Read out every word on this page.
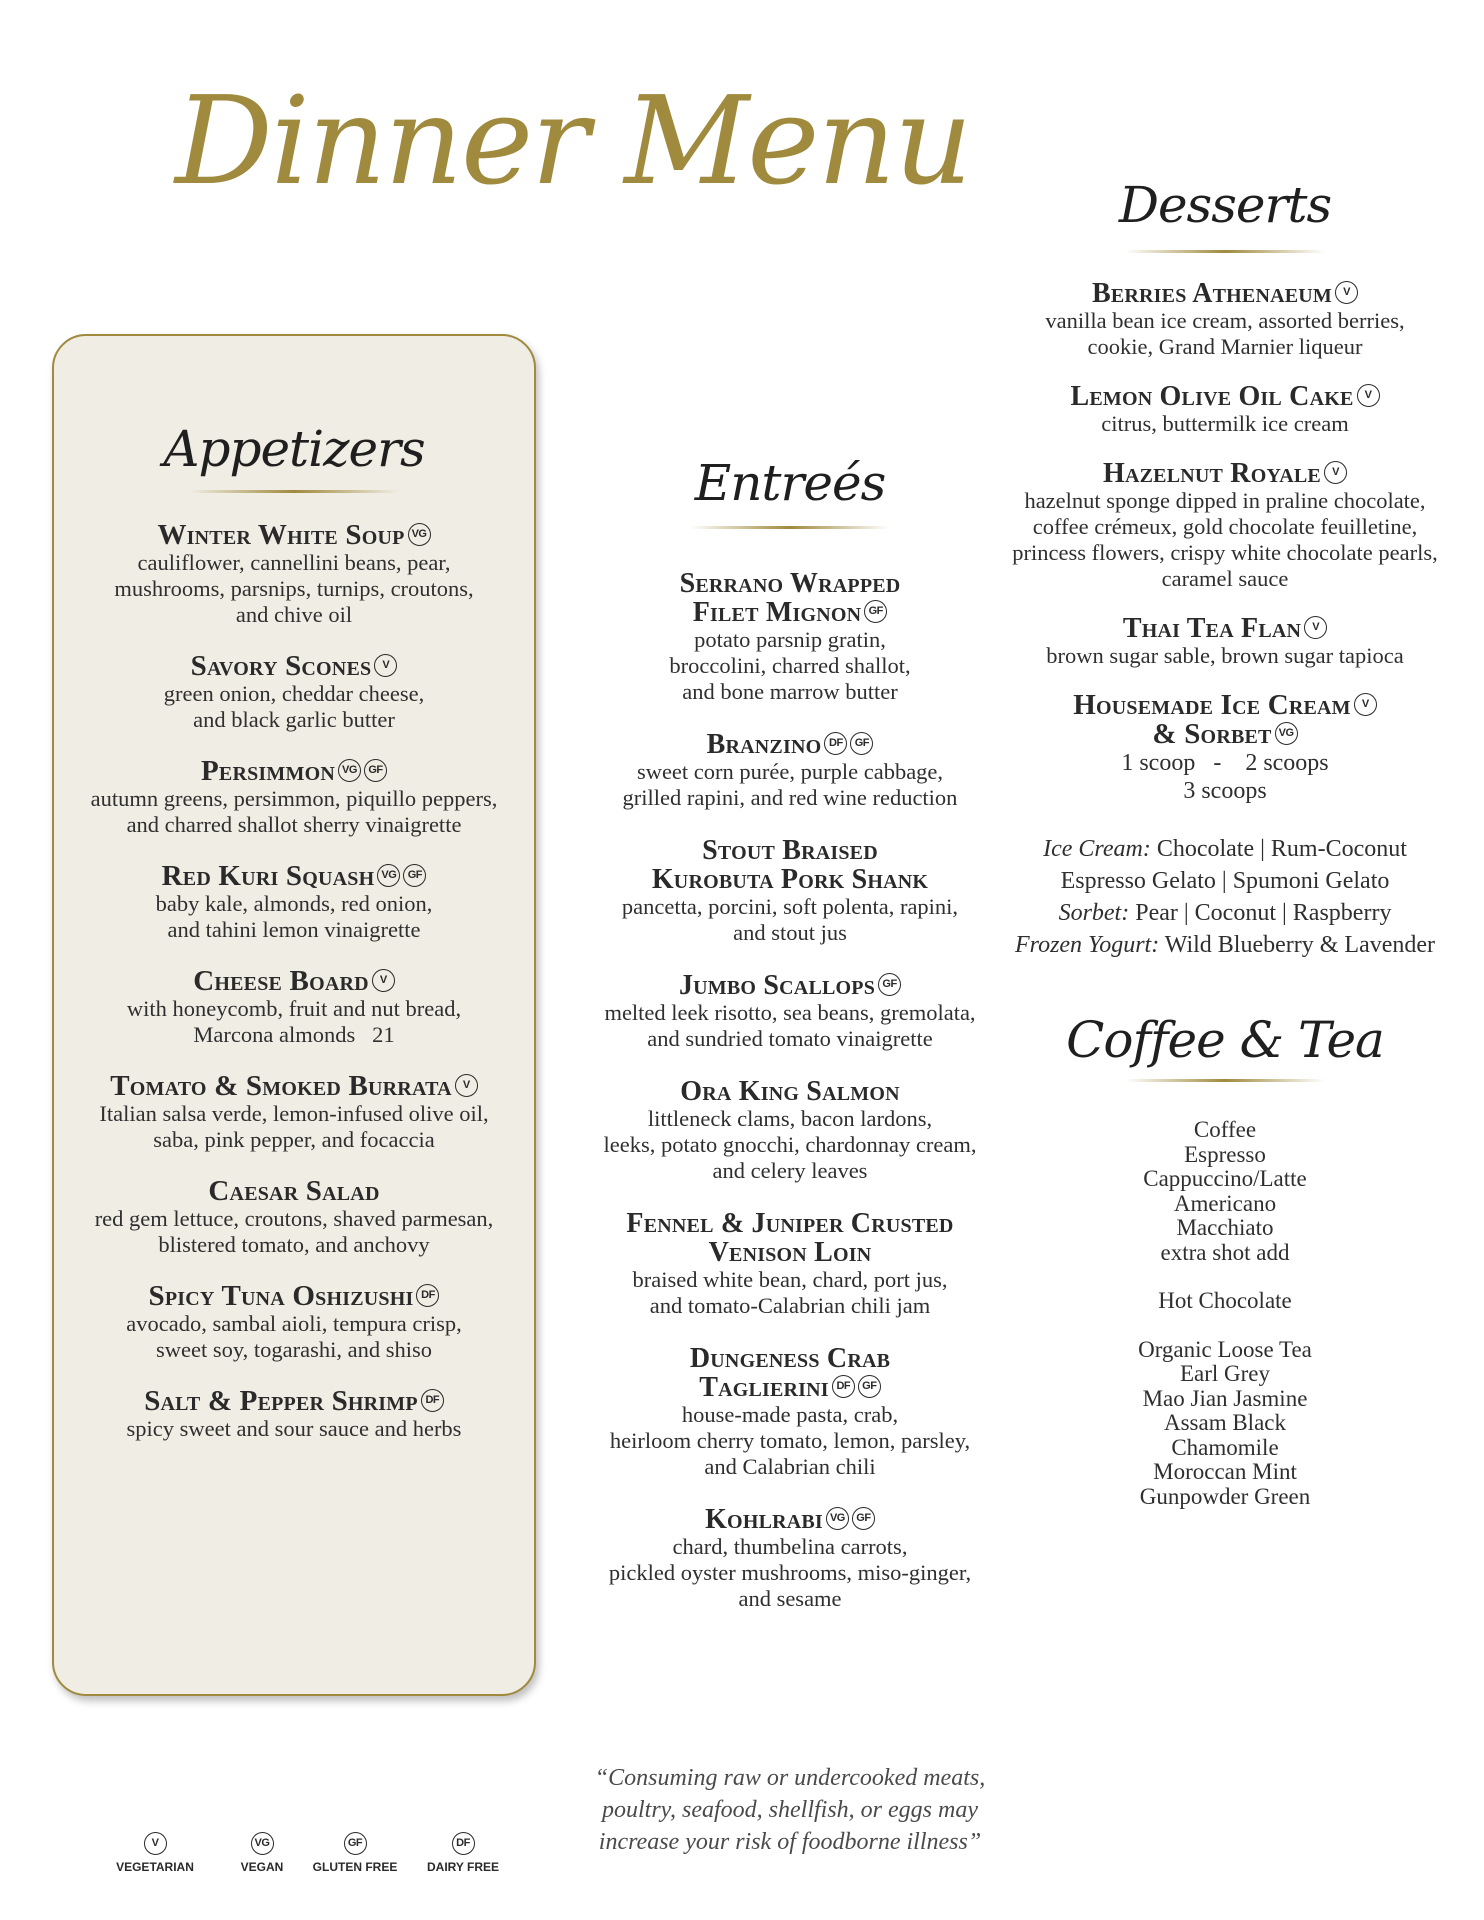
Dinner Menu
Appetizers
Winter White Soup VG
cauliflower, cannellini beans, pear,
mushrooms, parsnips, turnips, croutons,
and chive oil
Savory Scones V
green onion, cheddar cheese,
and black garlic butter
Persimmon VG GF
autumn greens, persimmon, piquillo peppers,
and charred shallot sherry vinaigrette
Red Kuri Squash VG GF
baby kale, almonds, red onion,
and tahini lemon vinaigrette
Cheese Board V
with honeycomb, fruit and nut bread,
Marcona almonds   21
Tomato & Smoked Burrata V
Italian salsa verde, lemon-infused olive oil,
saba, pink pepper, and focaccia
Caesar Salad
red gem lettuce, croutons, shaved parmesan,
blistered tomato, and anchovy
Spicy Tuna Oshizushi DF
avocado, sambal aioli, tempura crisp,
sweet soy, togarashi, and shiso
Salt & Pepper Shrimp DF
spicy sweet and sour sauce and herbs
Entreés
Serrano Wrapped
Filet Mignon GF
potato parsnip gratin,
broccolini, charred shallot,
and bone marrow butter
Branzino DF GF
sweet corn purée, purple cabbage,
grilled rapini, and red wine reduction
Stout Braised
Kurobuta Pork Shank
pancetta, porcini, soft polenta, rapini,
and stout jus
Jumbo Scallops GF
melted leek risotto, sea beans, gremolata,
and sundried tomato vinaigrette
Ora King Salmon
littleneck clams, bacon lardons,
leeks, potato gnocchi, chardonnay cream,
and celery leaves
Fennel & Juniper Crusted
Venison Loin
braised white bean, chard, port jus,
and tomato-Calabrian chili jam
Dungeness Crab
Taglierini DF GF
house-made pasta, crab,
heirloom cherry tomato, lemon, parsley,
and Calabrian chili
Kohlrabi VG GF
chard, thumbelina carrots,
pickled oyster mushrooms, miso-ginger,
and sesame
Desserts
Berries Athenaeum V
vanilla bean ice cream, assorted berries,
cookie, Grand Marnier liqueur
Lemon Olive Oil Cake V
citrus, buttermilk ice cream
Hazelnut Royale V
hazelnut sponge dipped in praline chocolate,
coffee crémeux, gold chocolate feuilletine,
princess flowers, crispy white chocolate pearls,
caramel sauce
Thai Tea Flan V
brown sugar sable, brown sugar tapioca
Housemade Ice Cream V
& Sorbet VG
1 scoop   -    2 scoops
3 scoops
Ice Cream: Chocolate | Rum-Coconut
Espresso Gelato | Spumoni Gelato
Sorbet: Pear | Coconut | Raspberry
Frozen Yogurt: Wild Blueberry & Lavender
Coffee & Tea
Coffee
Espresso
Cappuccino/Latte
Americano
Macchiato
extra shot add
Hot Chocolate
Organic Loose Tea
Earl Grey
Mao Jian Jasmine
Assam Black
Chamomile
Moroccan Mint
Gunpowder Green
“Consuming raw or undercooked meats,
poultry, seafood, shellfish, or eggs may
increase your risk of foodborne illness”
V
VEGETARIAN
VG
VEGAN
GF
GLUTEN FREE
DF
DAIRY FREE
